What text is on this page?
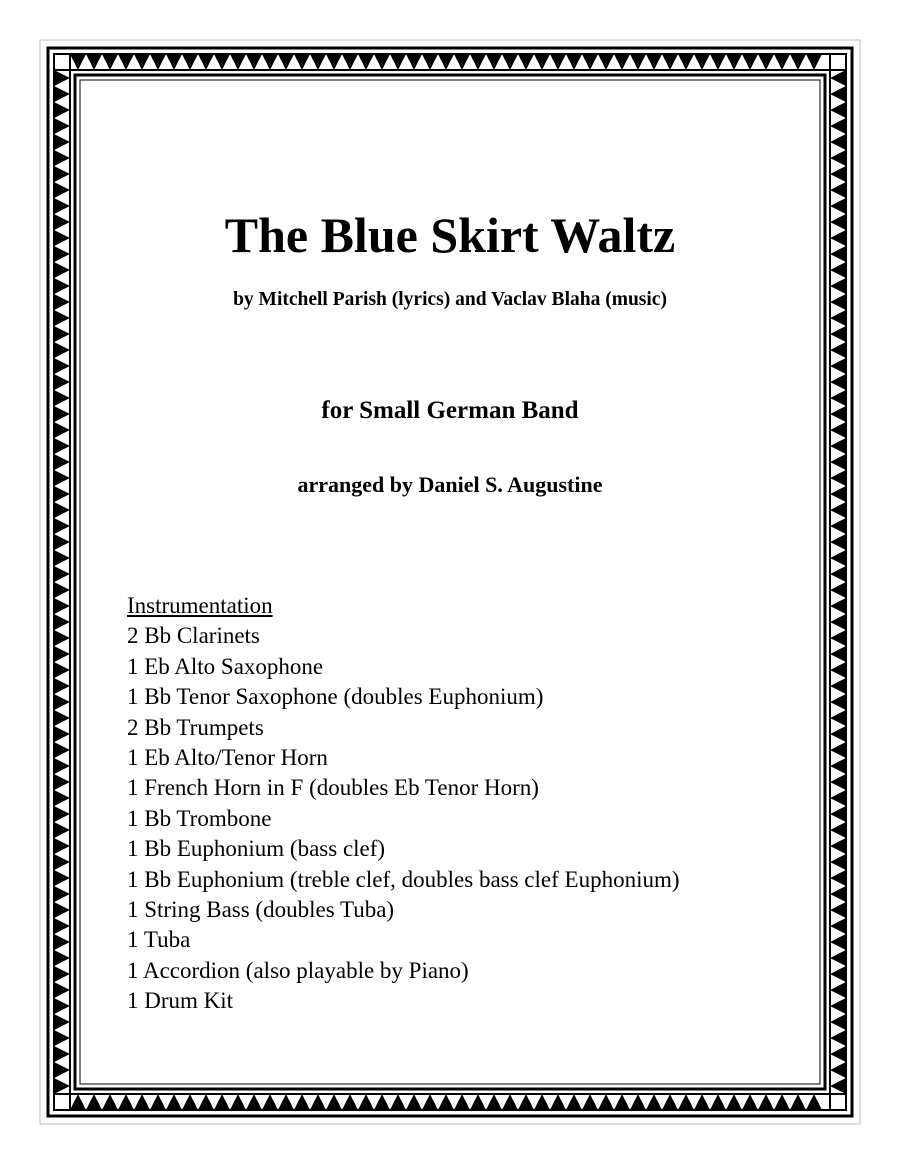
The Blue Skirt Waltz
by Mitchell Parish (lyrics) and Vaclav Blaha (music)
for Small German Band
arranged by Daniel S. Augustine
Instrumentation
2 Bb Clarinets
1 Eb Alto Saxophone
1 Bb Tenor Saxophone (doubles Euphonium)
2 Bb Trumpets
1 Eb Alto/Tenor Horn
1 French Horn in F (doubles Eb Tenor Horn)
1 Bb Trombone
1 Bb Euphonium (bass clef)
1 Bb Euphonium (treble clef, doubles bass clef Euphonium)
1 String Bass (doubles Tuba)
1 Tuba
1 Accordion (also playable by Piano)
1 Drum Kit
